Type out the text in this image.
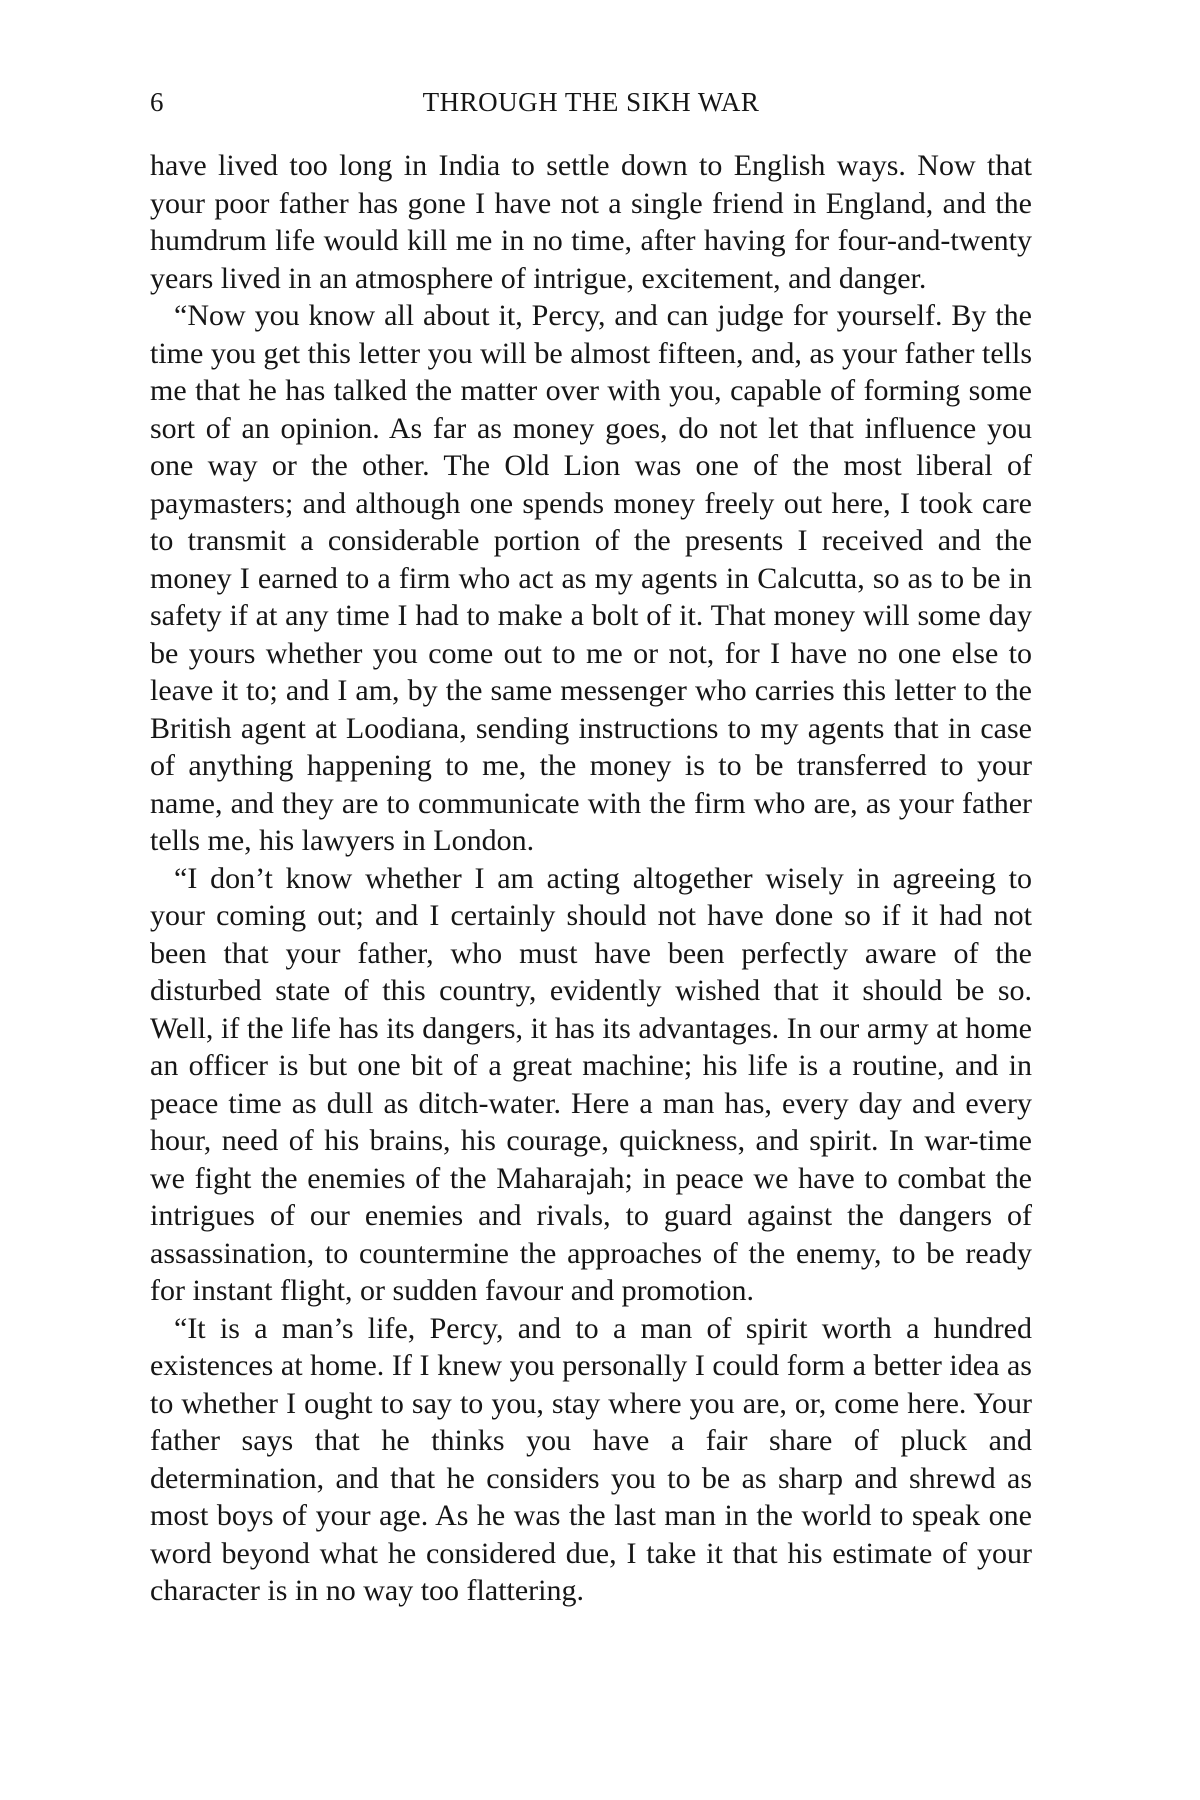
6	THROUGH THE SIKH WAR

have lived too long in India to settle down to English ways. Now that your poor father has gone I have not a single friend in England, and the humdrum life would kill me in no time, after having for four-and-twenty years lived in an atmosphere of intrigue, excitement, and danger.

“Now you know all about it, Percy, and can judge for yourself. By the time you get this letter you will be almost fifteen, and, as your father tells me that he has talked the matter over with you, capable of forming some sort of an opinion. As far as money goes, do not let that influence you one way or the other. The Old Lion was one of the most liberal of paymasters; and although one spends money freely out here, I took care to transmit a considerable portion of the presents I received and the money I earned to a firm who act as my agents in Calcutta, so as to be in safety if at any time I had to make a bolt of it. That money will some day be yours whether you come out to me or not, for I have no one else to leave it to; and I am, by the same messenger who carries this letter to the British agent at Loodiana, sending instructions to my agents that in case of anything happening to me, the money is to be transferred to your name, and they are to communicate with the firm who are, as your father tells me, his lawyers in London.

“I don’t know whether I am acting altogether wisely in agreeing to your coming out; and I certainly should not have done so if it had not been that your father, who must have been perfectly aware of the disturbed state of this country, evidently wished that it should be so. Well, if the life has its dangers, it has its advantages. In our army at home an officer is but one bit of a great machine; his life is a routine, and in peace time as dull as ditch-water. Here a man has, every day and every hour, need of his brains, his courage, quickness, and spirit. In war-time we fight the enemies of the Maharajah; in peace we have to combat the intrigues of our enemies and rivals, to guard against the dangers of assassination, to countermine the approaches of the enemy, to be ready for instant flight, or sudden favour and promotion.

“It is a man’s life, Percy, and to a man of spirit worth a hundred existences at home. If I knew you personally I could form a better idea as to whether I ought to say to you, stay where you are, or, come here. Your father says that he thinks you have a fair share of pluck and determination, and that he considers you to be as sharp and shrewd as most boys of your age. As he was the last man in the world to speak one word beyond what he considered due, I take it that his estimate of your character is in no way too flattering.
